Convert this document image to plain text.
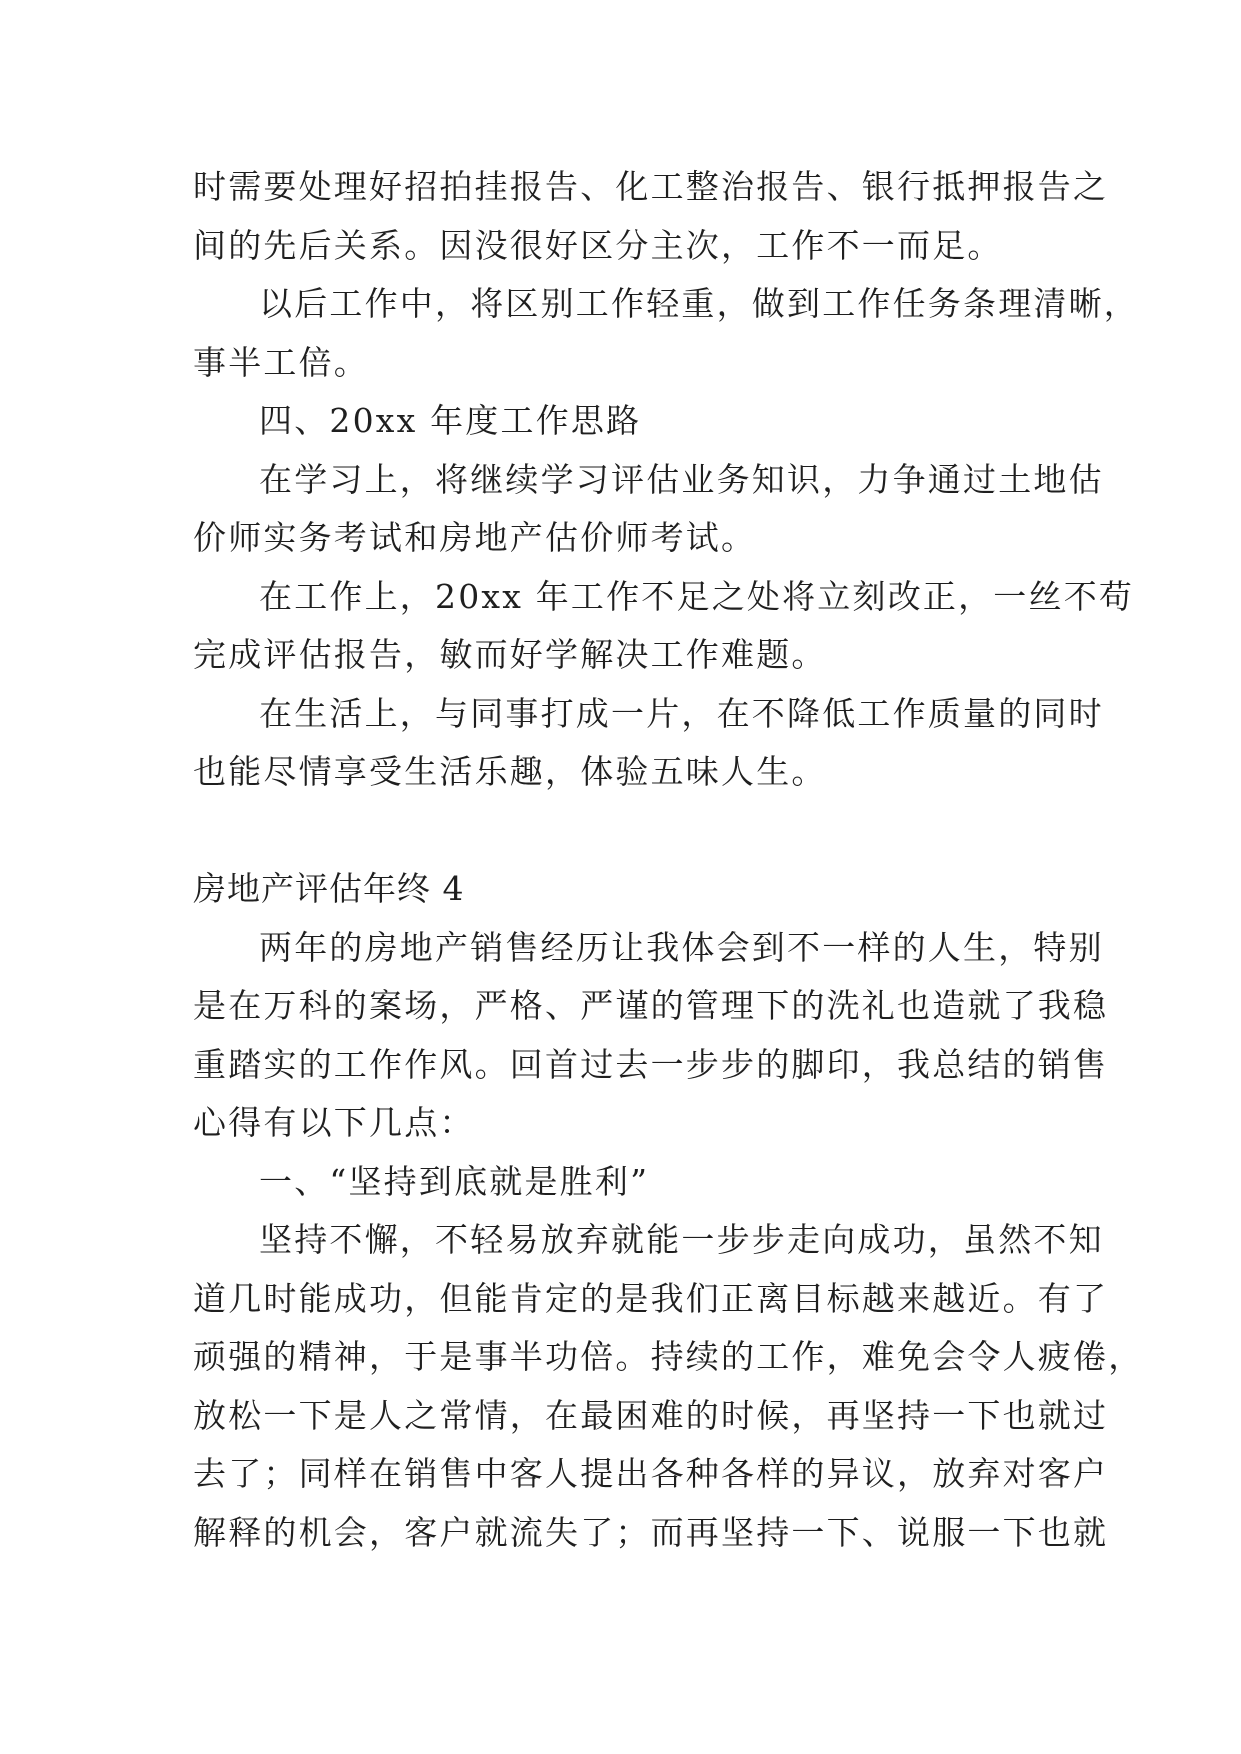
时需要处理好招拍挂报告、化工整治报告、银行抵押报告之
间的先后关系。因没很好区分主次，工作不一而足。
以后工作中，将区别工作轻重，做到工作任务条理清晰，
事半工倍。
四、20xx 年度工作思路
在学习上，将继续学习评估业务知识，力争通过土地估
价师实务考试和房地产估价师考试。
在工作上，20xx 年工作不足之处将立刻改正，一丝不苟
完成评估报告，敏而好学解决工作难题。
在生活上，与同事打成一片，在不降低工作质量的同时
也能尽情享受生活乐趣，体验五味人生。
房地产评估年终 4
两年的房地产销售经历让我体会到不一样的人生，特别
是在万科的案场，严格、严谨的管理下的洗礼也造就了我稳
重踏实的工作作风。回首过去一步步的脚印，我总结的销售
心得有以下几点：
一、“坚持到底就是胜利”
坚持不懈，不轻易放弃就能一步步走向成功，虽然不知
道几时能成功，但能肯定的是我们正离目标越来越近。有了
顽强的精神，于是事半功倍。持续的工作，难免会令人疲倦，
放松一下是人之常情，在最困难的时候，再坚持一下也就过
去了；同样在销售中客人提出各种各样的异议，放弃对客户
解释的机会，客户就流失了；而再坚持一下、说服一下也就
